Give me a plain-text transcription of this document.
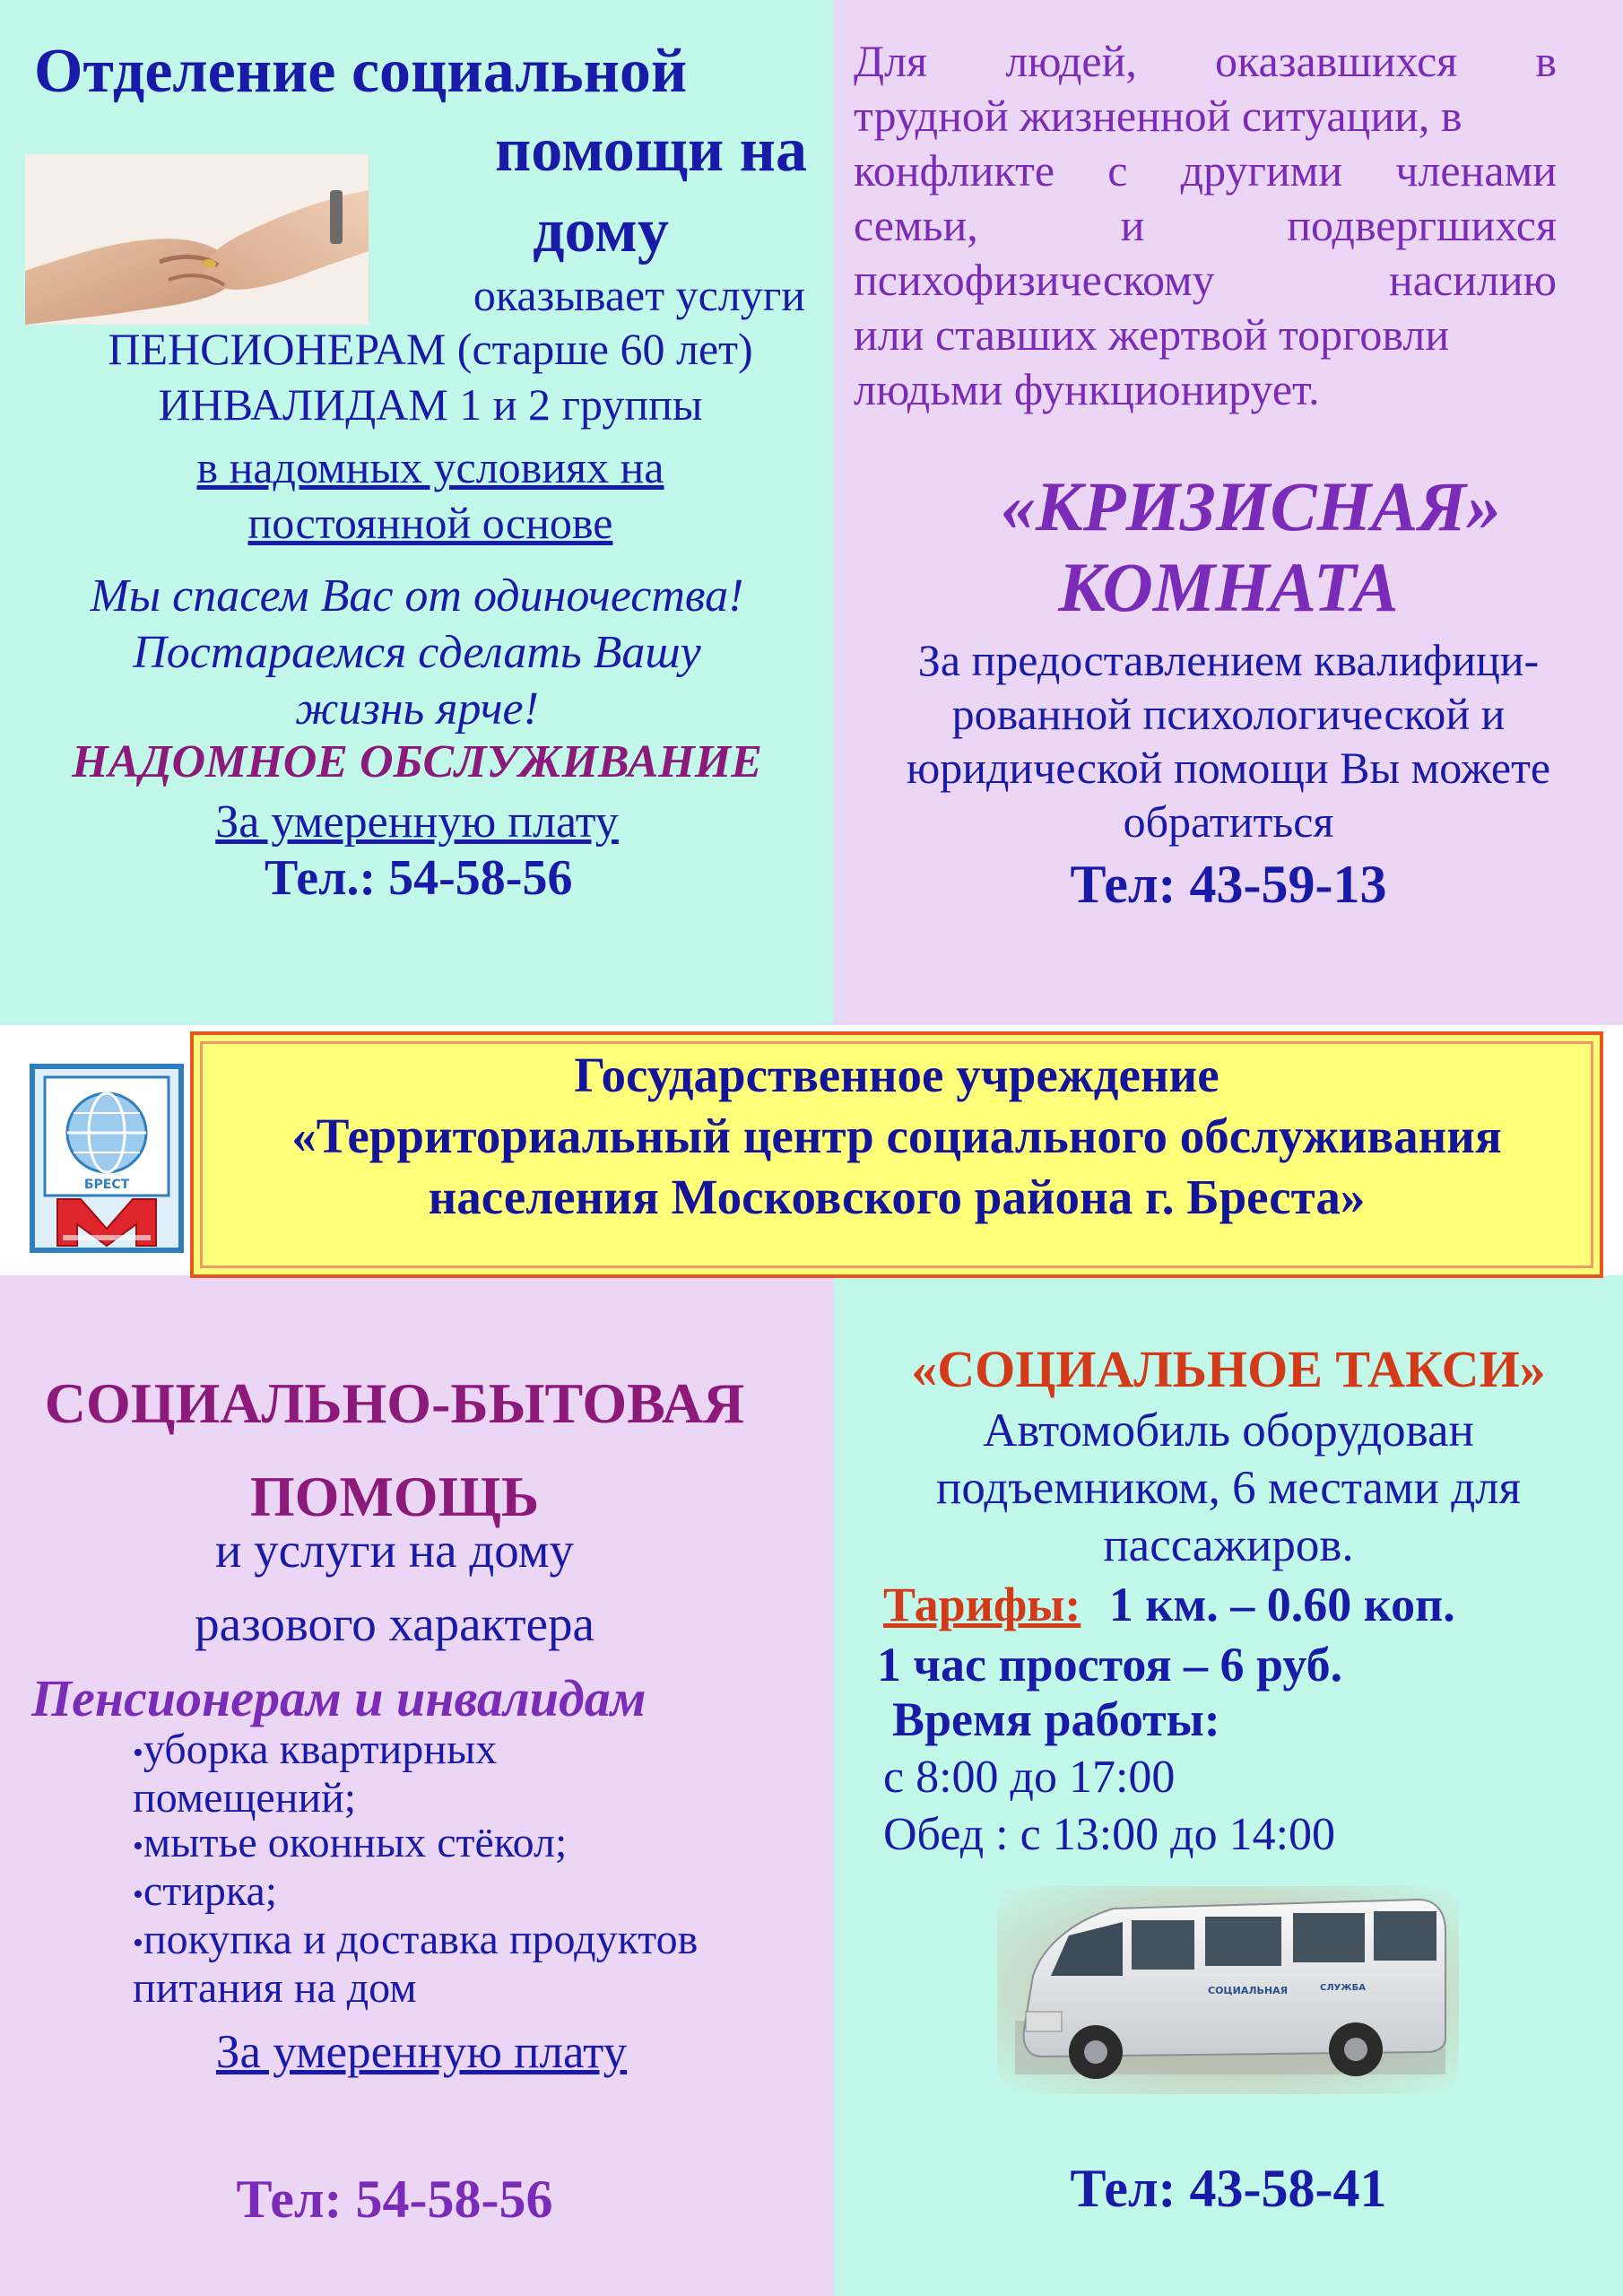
Отделение социальной
помощи на
дому
оказывает услуги
ПЕНСИОНЕРАМ (старше 60 лет)
ИНВАЛИДАМ 1 и 2 группы
в надомных условиях на
постоянной основе
Мы спасем Вас от одиночества!
Постараемся сделать Вашу
жизнь ярче!
НАДОМНОЕ ОБСЛУЖИВАНИЕ
За умеренную плату
Тел.: 54-58-56
Для людей, оказавшихся в
трудной жизненной ситуации, в
конфликте с другими членами
семьи,	и	подвергшихся
психофизическому	насилию
или ставших жертвой торговли
людьми функционирует.
«КРИЗИСНАЯ»
КОМНАТА
За предоставлением квалифици-
рованной психологической и
юридической помощи Вы можете
обратиться
Тел: 43-59-13
БРЕСТ
Государственное учреждение
«Территориальный центр социального обслуживания
населения Московского района г. Бреста»
СОЦИАЛЬНО-БЫТОВАЯ
ПОМОЩЬ
и услуги на дому
разового характера
Пенсионерам и инвалидам
•уборка квартирных
помещений;
•мытье оконных стёкол;
•стирка;
•покупка и доставка продуктов
питания на дом
За умеренную плату
Тел: 54-58-56
«СОЦИАЛЬНОЕ ТАКСИ»
Автомобиль оборудован
подъемником, 6 местами для
пассажиров.
Тарифы: 1 км. – 0.60 коп.
1 час простоя – 6 руб.
Время работы:
с 8:00 до 17:00
Обед : с 13:00 до 14:00
СОЦИАЛЬНАЯ	СЛУЖБА
Тел: 43-58-41
